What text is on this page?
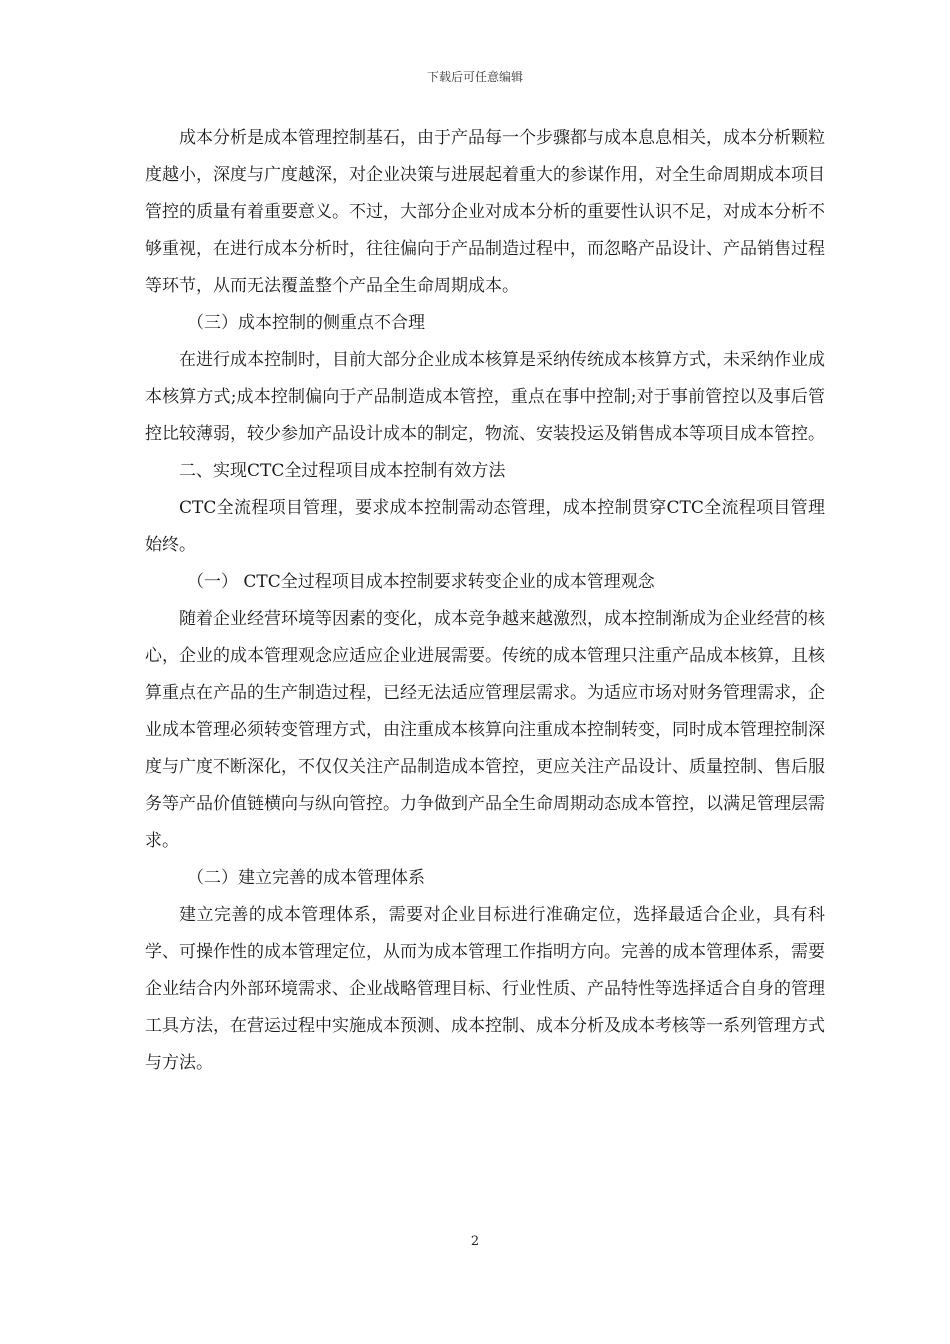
下载后可任意编辑

成本分析是成本管理控制基石，由于产品每一个步骤都与成本息息相关，成本分析颗粒度越小，深度与广度越深，对企业决策与进展起着重大的参谋作用，对全生命周期成本项目管控的质量有着重要意义。不过，大部分企业对成本分析的重要性认识不足，对成本分析不够重视，在进行成本分析时，往往偏向于产品制造过程中，而忽略产品设计、产品销售过程等环节，从而无法覆盖整个产品全生命周期成本。

（三）成本控制的侧重点不合理

在进行成本控制时，目前大部分企业成本核算是采纳传统成本核算方式，未采纳作业成本核算方式;成本控制偏向于产品制造成本管控，重点在事中控制;对于事前管控以及事后管控比较薄弱，较少参加产品设计成本的制定，物流、安装投运及销售成本等项目成本管控。

二、实现CTC全过程项目成本控制有效方法

CTC全流程项目管理，要求成本控制需动态管理，成本控制贯穿CTC全流程项目管理始终。

（一） CTC全过程项目成本控制要求转变企业的成本管理观念

随着企业经营环境等因素的变化，成本竞争越来越激烈，成本控制渐成为企业经营的核心，企业的成本管理观念应适应企业进展需要。传统的成本管理只注重产品成本核算，且核算重点在产品的生产制造过程，已经无法适应管理层需求。为适应市场对财务管理需求，企业成本管理必须转变管理方式，由注重成本核算向注重成本控制转变，同时成本管理控制深度与广度不断深化，不仅仅关注产品制造成本管控，更应关注产品设计、质量控制、售后服务等产品价值链横向与纵向管控。力争做到产品全生命周期动态成本管控，以满足管理层需求。

（二）建立完善的成本管理体系

建立完善的成本管理体系，需要对企业目标进行准确定位，选择最适合企业，具有科学、可操作性的成本管理定位，从而为成本管理工作指明方向。完善的成本管理体系，需要企业结合内外部环境需求、企业战略管理目标、行业性质、产品特性等选择适合自身的管理工具方法，在营运过程中实施成本预测、成本控制、成本分析及成本考核等一系列管理方式与方法。

2
